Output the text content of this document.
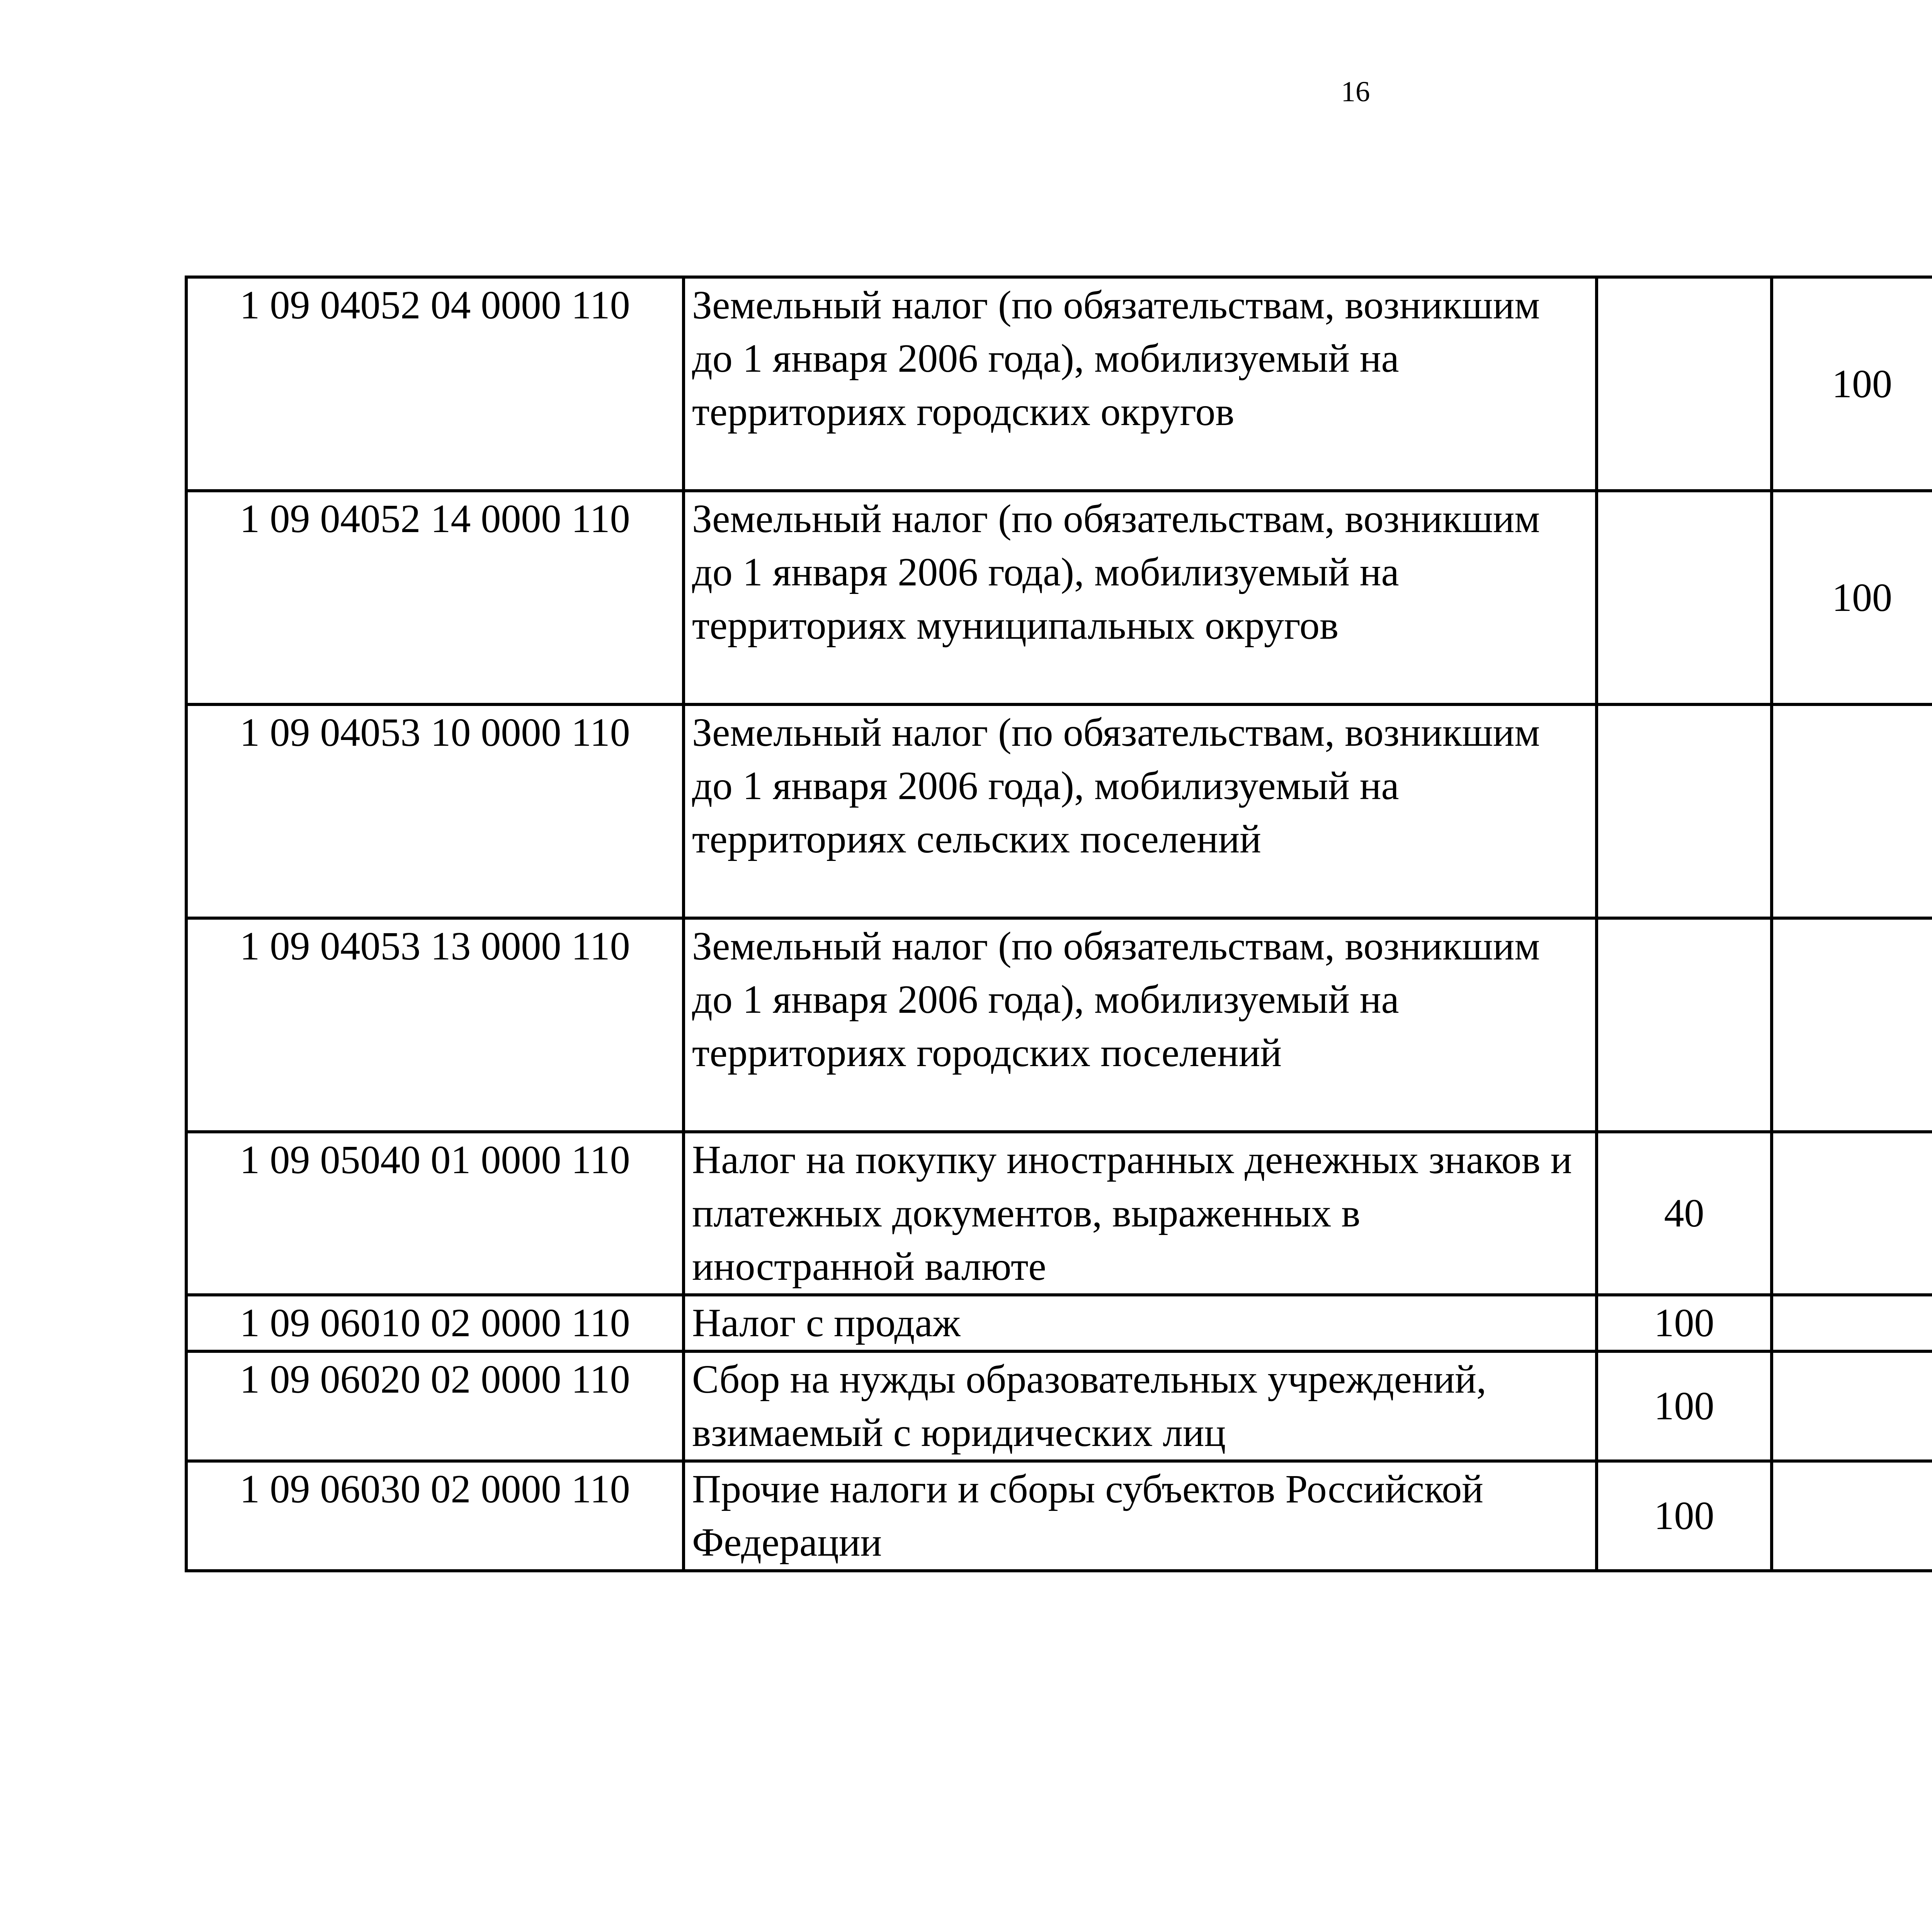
16
1 09 04052 04 0000 110	Земельный налог (по обязательствам, возникшим до 1 января 2006 года), мобилизуемый на территориях городских округов		100			
1 09 04052 14 0000 110	Земельный налог (по обязательствам, возникшим до 1 января 2006 года), мобилизуемый на территориях муниципальных округов		100			
1 09 04053 10 0000 110	Земельный налог (по обязательствам, возникшим до 1 января 2006 года), мобилизуемый на территориях сельских поселений					
1 09 04053 13 0000 110	Земельный налог (по обязательствам, возникшим до 1 января 2006 года), мобилизуемый на территориях городских поселений					
1 09 05040 01 0000 110	Налог на покупку иностранных денежных знаков и платежных документов, выраженных в иностранной валюте	40				
1 09 06010 02 0000 110	Налог с продаж	100				
1 09 06020 02 0000 110	Сбор на нужды образовательных учреждений, взимаемый с юридических лиц	100				
1 09 06030 02 0000 110	Прочие налоги и сборы субъектов Российской Федерации	100				
